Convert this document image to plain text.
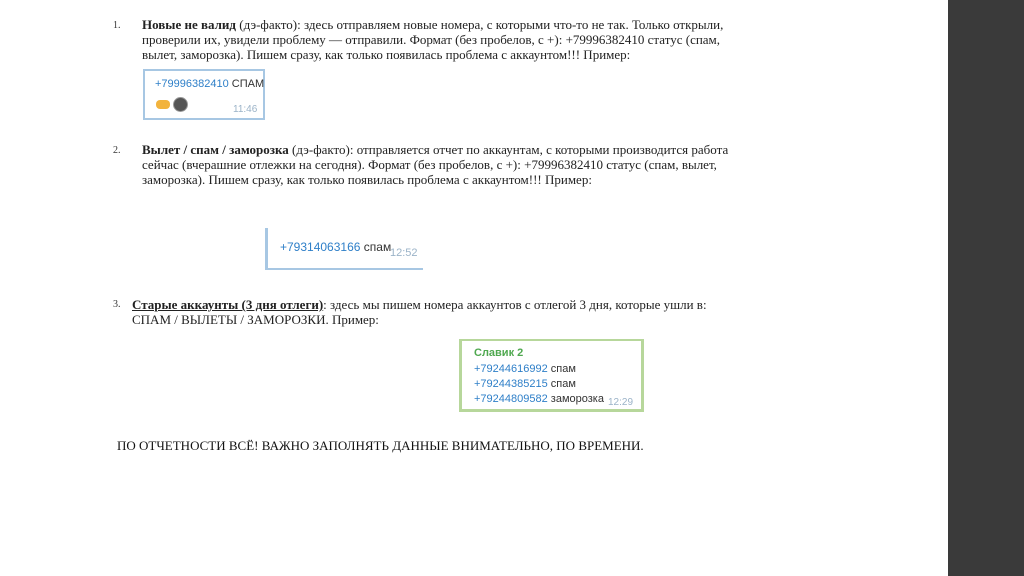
1. Новые не валид (дэ-факто): здесь отправляем новые номера, с которыми что-то не так. Только открыли,
проверили их, увидели проблему — отправили. Формат (без пробелов, с +): +79996382410 статус (спам,
вылет, заморозка). Пишем сразу, как только появилась проблема с аккаунтом!!! Пример:
+79996382410 СПАМ

11:46
2. Вылет / спам / заморозка (дэ-факто): отправляется отчет по аккаунтам, с которыми производится работа
сейчас (вчерашние отлежки на сегодня). Формат (без пробелов, с +): +79996382410 статус (спам, вылет,
заморозка). Пишем сразу, как только появилась проблема с аккаунтом!!! Пример:
+79314063166 спам
12:52
3. Старые аккаунты (3 дня отлеги): здесь мы пишем номера аккаунтов с отлегой 3 дня, которые ушли в:
СПАМ / ВЫЛЕТЫ / ЗАМОРОЗКИ. Пример:
Славик 2
+79244616992 спам
+79244385215 спам
+79244809582 заморозка 12:29
ПО ОТЧЕТНОСТИ ВСЁ! ВАЖНО ЗАПОЛНЯТЬ ДАННЫЕ ВНИМАТЕЛЬНО, ПО ВРЕМЕНИ.
